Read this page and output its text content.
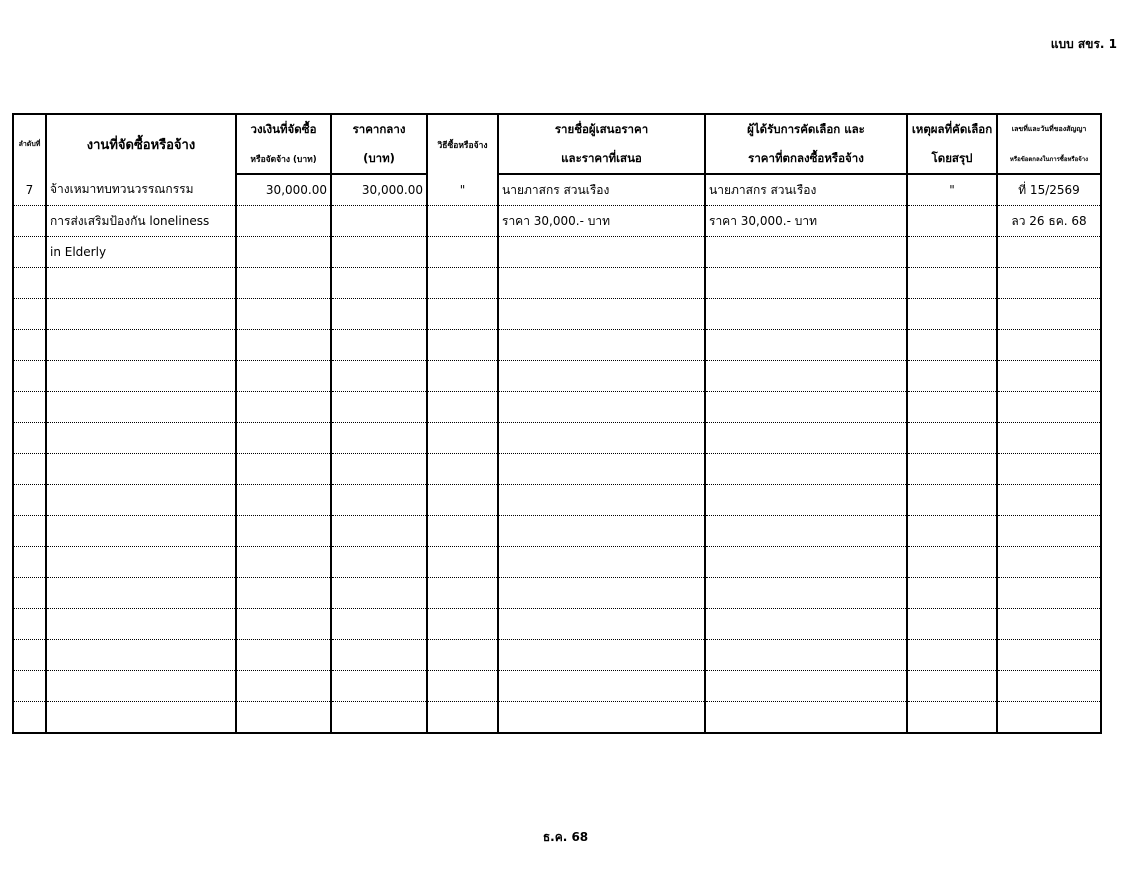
แบบ สขร. 1
ลำดับที่	งานที่จัดซื้อหรือจ้าง	วงเงินที่จัดซื้อ	ราคากลาง	วิธีซื้อหรือจ้าง	รายชื่อผู้เสนอราคา	ผู้ได้รับการคัดเลือก และ	เหตุผลที่คัดเลือก	เลขที่และวันที่ของสัญญา
		หรือจัดจ้าง (บาท)	(บาท)		และราคาที่เสนอ	ราคาที่ตกลงซื้อหรือจ้าง	โดยสรุป	หรือข้อตกลงในการซื้อหรือจ้าง
7	จ้างเหมาทบทวนวรรณกรรม	30,000.00	30,000.00	"	นายภาสกร สวนเรือง	นายภาสกร สวนเรือง	"	ที่ 15/2569
	การส่งเสริมป้องกัน loneliness				ราคา 30,000.- บาท	ราคา 30,000.- บาท		ลว 26 ธค. 68
	in Elderly							

ธ.ค. 68
